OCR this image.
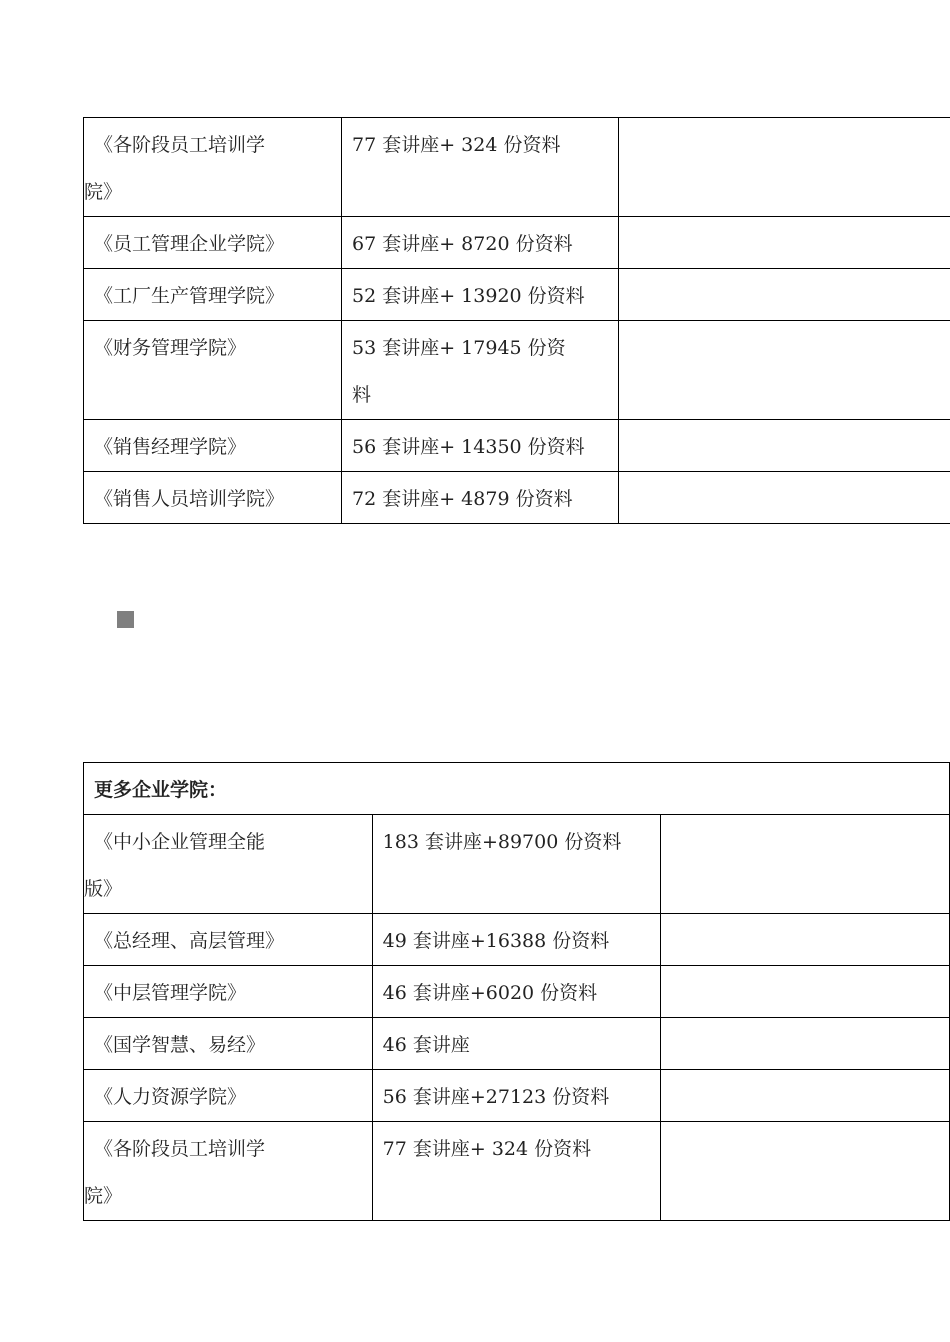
《各阶段员工培训学
院》	77 套讲座+ 324 份资料	
《员工管理企业学院》	67 套讲座+ 8720 份资料	
《工厂生产管理学院》	52 套讲座+ 13920 份资料	
《财务管理学院》	53 套讲座+ 17945 份资
料	

《销售经理学院》	56 套讲座+ 14350 份资料	
《销售人员培训学院》	72 套讲座+ 4879 份资料	
更多企业学院：		

《中小企业管理全能
版》	183 套讲座+89700 份资料	
《总经理、高层管理》	49 套讲座+16388 份资料	
《中层管理学院》	46 套讲座+6020 份资料	
《国学智慧、易经》	46 套讲座	
《人力资源学院》	56 套讲座+27123 份资料	

《各阶段员工培训学
院》	77 套讲座+ 324 份资料	
